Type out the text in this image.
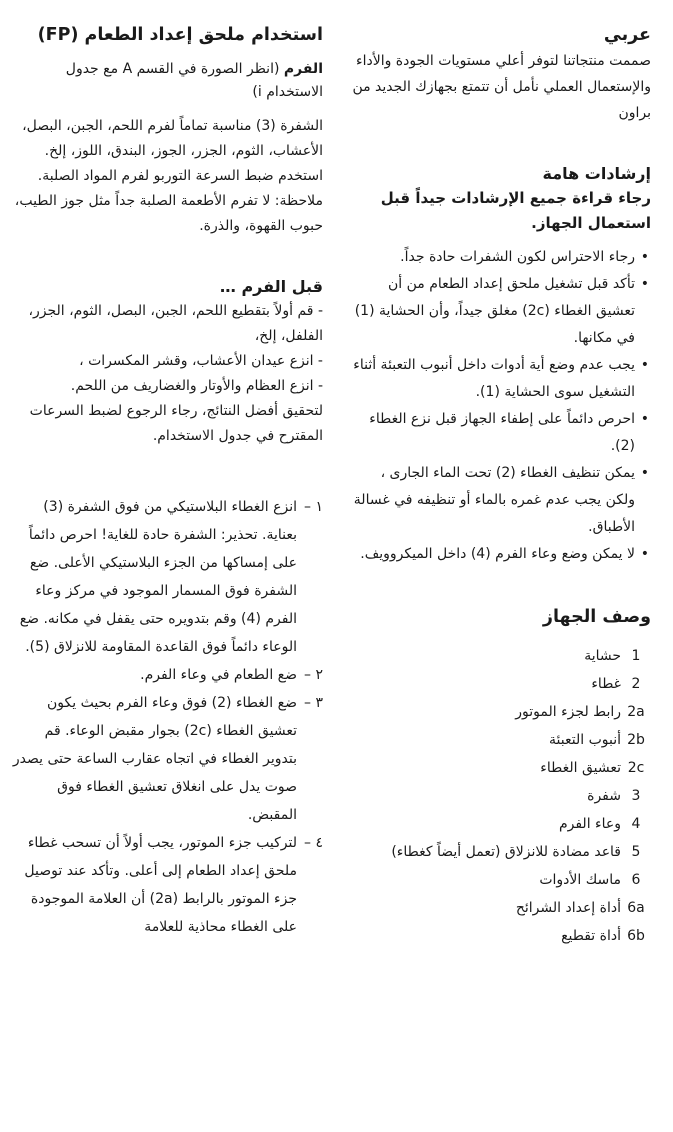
عربي

صممت منتجاتنا لتوفر أعلي مستويات الجودة والأداء والإستعمال العملي نأمل أن تتمتع بجهازك الجديد من براون

إرشادات هامة

رجاء قراءة جميع الإرشادات جيداً قبل استعمال الجهاز.

• رجاء الاحتراس لكون الشفرات حادة جداً.
• تأكد قبل تشغيل ملحق إعداد الطعام من أن تعشيق الغطاء (2c) مغلق جيداً، وأن الحشاية (1) في مكانها.
• يجب عدم وضع أية أدوات داخل أنبوب التعبئة أثناء التشغيل سوى الحشاية (1).
• احرص دائماً على إطفاء الجهاز قبل نزع الغطاء (2).
• يمكن تنظيف الغطاء (2) تحت الماء الجارى ، ولكن يجب عدم غمره بالماء أو تنظيفه في غسالة الأطباق.
• لا يمكن وضع وعاء الفرم (4) داخل الميكروويف.

وصف الجهاز

1
حشاية
2
غطاء
2a
رابط لجزء الموتور
2b
أنبوب التعبئة
2c
تعشيق الغطاء
3
شفرة
4
وعاء الفرم
5
قاعد مضادة للانزلاق (تعمل أيضاً كغطاء)
6
ماسك الأدوات
6a
أداة إعداد الشرائح
6b
أداة تقطيع

استخدام ملحق إعداد الطعام (FP)

الفرم (انظر الصورة في القسم A مع جدول الاستخدام i)

الشفرة (3) مناسبة تماماً لفرم اللحم، الجبن، البصل، الأعشاب، الثوم، الجزر، الجوز، البندق، اللوز، إلخ. استخدم ضبط السرعة التوربو لفرم المواد الصلبة.

ملاحظة: لا تفرم الأطعمة الصلبة جداً مثل جوز الطيب، حبوب القهوة، والذرة.

قبل الفرم …

- قم أولاً بتقطيع اللحم، الجبن، البصل، الثوم، الجزر، الفلفل، إلخ،
- انزع عيدان الأعشاب، وقشر المكسرات ،
- انزع العظام والأوتار والغضاريف من اللحم.

لتحقيق أفضل النتائج، رجاء الرجوع لضبط السرعات المقترح في جدول الاستخدام.

١ –
انزع الغطاء البلاستيكي من فوق الشفرة (3) بعناية. تحذير: الشفرة حادة للغاية! احرص دائماً على إمساكها من الجزء البلاستيكي الأعلى. ضع الشفرة فوق المسمار الموجود في مركز وعاء الفرم (4) وقم بتدويره حتى يقفل في مكانه. ضع الوعاء دائماً فوق القاعدة المقاومة للانزلاق (5).
٢ –
ضع الطعام في وعاء الفرم.
٣ –
ضع الغطاء (2) فوق وعاء الفرم بحيث يكون تعشيق الغطاء (2c) بجوار مقبض الوعاء. قم بتدوير الغطاء في اتجاه عقارب الساعة حتى يصدر صوت يدل على انغلاق تعشيق الغطاء فوق المقبض.
٤ –
لتركيب جزء الموتور، يجب أولاً أن تسحب غطاء ملحق إعداد الطعام إلى أعلى. وتأكد عند توصيل جزء الموتور بالرابط (2a) أن العلامة الموجودة على الغطاء محاذية للعلامة
